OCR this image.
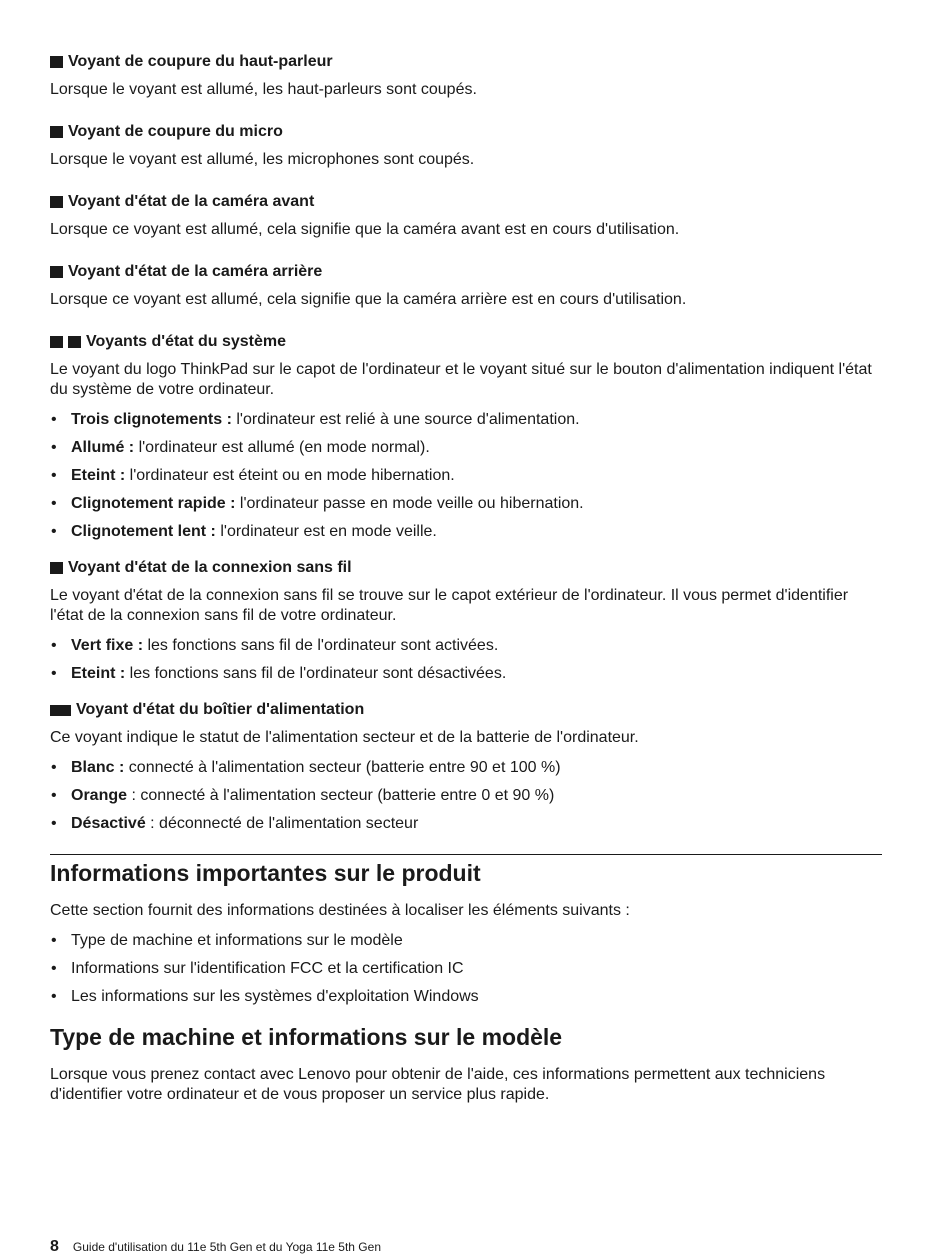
Voyant de coupure du haut-parleur

Lorsque le voyant est allumé, les haut-parleurs sont coupés.

Voyant de coupure du micro

Lorsque le voyant est allumé, les microphones sont coupés.

Voyant d'état de la caméra avant

Lorsque ce voyant est allumé, cela signifie que la caméra avant est en cours d'utilisation.

Voyant d'état de la caméra arrière

Lorsque ce voyant est allumé, cela signifie que la caméra arrière est en cours d'utilisation.

Voyants d'état du système

Le voyant du logo ThinkPad sur le capot de l'ordinateur et le voyant situé sur le bouton d'alimentation indiquent l'état du système de votre ordinateur.

• Trois clignotements : l'ordinateur est relié à une source d'alimentation.
• Allumé : l'ordinateur est allumé (en mode normal).
• Eteint : l'ordinateur est éteint ou en mode hibernation.
• Clignotement rapide : l'ordinateur passe en mode veille ou hibernation.
• Clignotement lent : l'ordinateur est en mode veille.
Voyant d'état de la connexion sans fil

Le voyant d'état de la connexion sans fil se trouve sur le capot extérieur de l'ordinateur. Il vous permet d'identifier l'état de la connexion sans fil de votre ordinateur.

• Vert fixe : les fonctions sans fil de l'ordinateur sont activées.
• Eteint : les fonctions sans fil de l'ordinateur sont désactivées.
Voyant d'état du boîtier d'alimentation

Ce voyant indique le statut de l'alimentation secteur et de la batterie de l'ordinateur.

• Blanc : connecté à l'alimentation secteur (batterie entre 90 et 100 %)
• Orange : connecté à l'alimentation secteur (batterie entre 0 et 90 %)
• Désactivé : déconnecté de l'alimentation secteur
Informations importantes sur le produit

Cette section fournit des informations destinées à localiser les éléments suivants :

• Type de machine et informations sur le modèle
• Informations sur l'identification FCC et la certification IC
• Les informations sur les systèmes d'exploitation Windows
Type de machine et informations sur le modèle

Lorsque vous prenez contact avec Lenovo pour obtenir de l'aide, ces informations permettent aux techniciens d'identifier votre ordinateur et de vous proposer un service plus rapide.

8 Guide d'utilisation du 11e 5th Gen et du Yoga 11e 5th Gen
